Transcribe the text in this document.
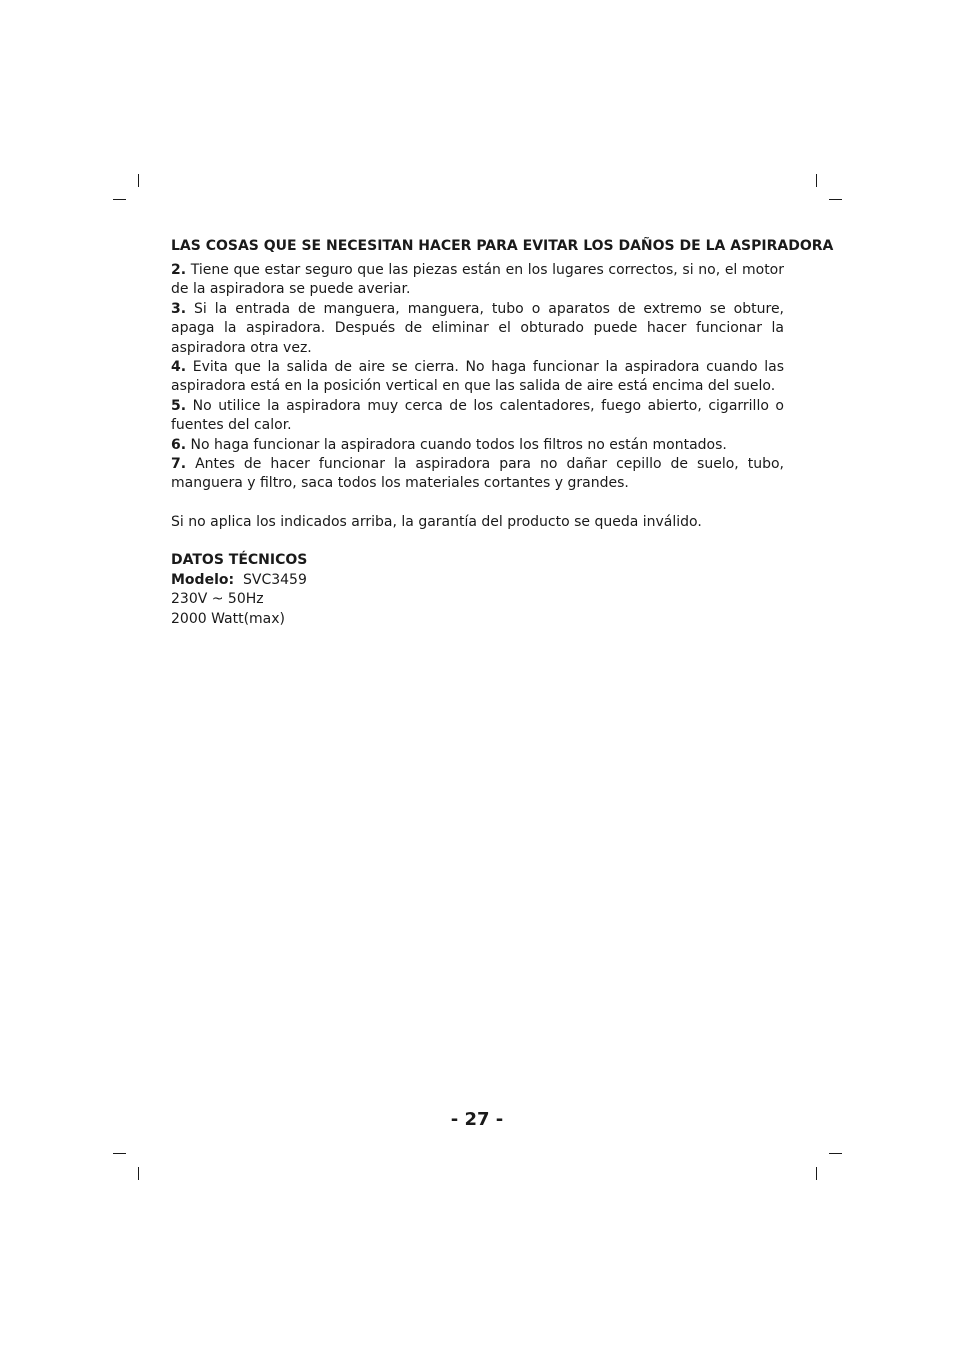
LAS COSAS QUE SE NECESITAN HACER PARA EVITAR LOS DAÑOS DE LA ASPIRADORA

2. Tiene que estar seguro que las piezas están en los lugares correctos, si no, el motor de la aspiradora se puede averiar.

3. Si la entrada de manguera, manguera, tubo o aparatos de extremo se obture, apaga la aspiradora. Después de eliminar el obturado puede hacer funcionar la aspiradora otra vez.

4. Evita que la salida de aire se cierra. No haga funcionar la aspiradora cuando las aspiradora está en la posición vertical en que las salida de aire está encima del suelo.

5. No utilice la aspiradora muy cerca de los calentadores, fuego abierto, cigarrillo o fuentes del calor.

6. No haga funcionar la aspiradora cuando todos los filtros no están montados.

7. Antes de hacer funcionar la aspiradora para no dañar cepillo de suelo, tubo, manguera y filtro, saca todos los materiales cortantes y grandes.

Si no aplica los indicados arriba, la garantía del producto se queda inválido.

DATOS TÉCNICOS

Modelo: SVC3459

230V ~ 50Hz

2000 Watt(max)

- 27 -
